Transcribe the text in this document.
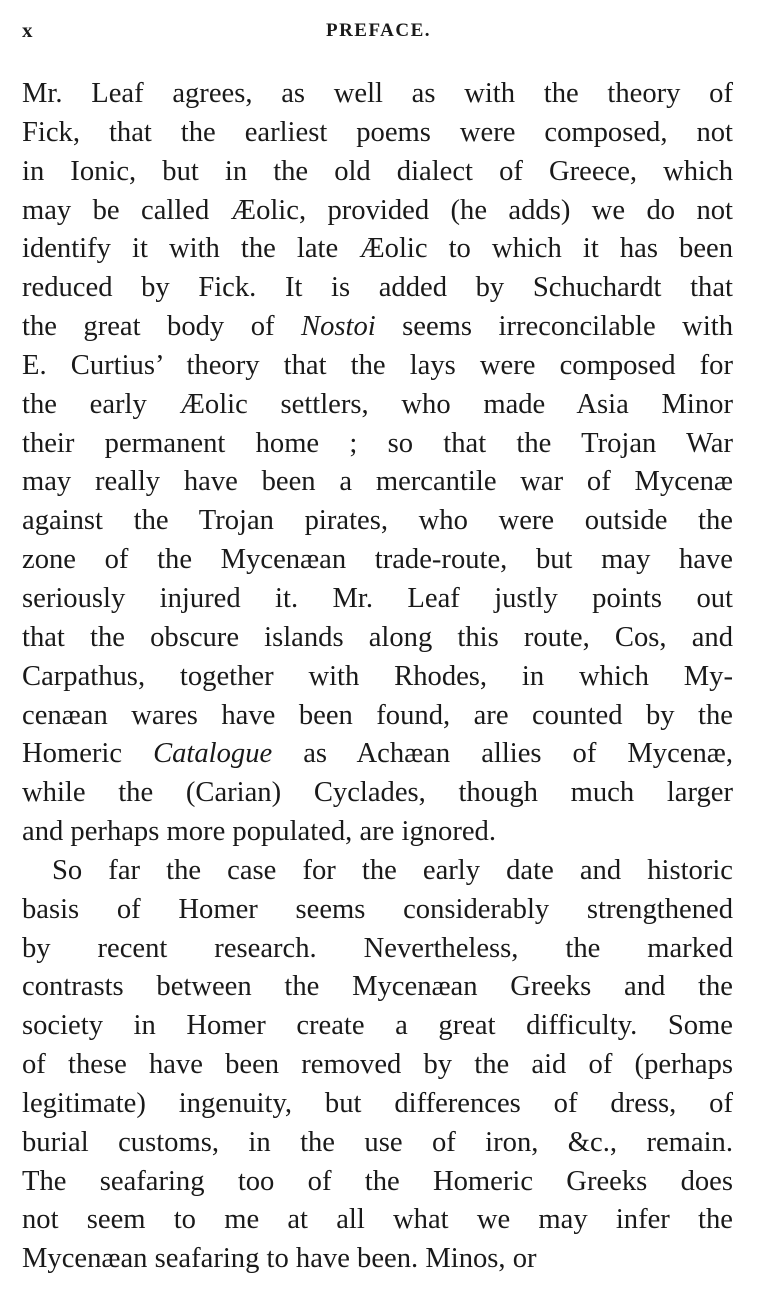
x	PREFACE.
Mr. Leaf agrees, as well as with the theory of
Fick, that the earliest poems were composed, not
in Ionic, but in the old dialect of Greece, which
may be called Æolic, provided (he adds) we do not
identify it with the late Æolic to which it has been
reduced by Fick. It is added by Schuchardt that
the great body of Nostoi seems irreconcilable with
E. Curtius’ theory that the lays were composed for
the early Æolic settlers, who made Asia Minor
their permanent home ; so that the Trojan War
may really have been a mercantile war of Mycenæ
against the Trojan pirates, who were outside the
zone of the Mycenæan trade-route, but may have
seriously injured it. Mr. Leaf justly points out
that the obscure islands along this route, Cos, and
Carpathus, together with Rhodes, in which My-
cenæan wares have been found, are counted by the
Homeric Catalogue as Achæan allies of Mycenæ,
while the (Carian) Cyclades, though much larger
and perhaps more populated, are ignored.
So far the case for the early date and historic
basis of Homer seems considerably strengthened
by recent research. Nevertheless, the marked
contrasts between the Mycenæan Greeks and the
society in Homer create a great difficulty. Some
of these have been removed by the aid of (perhaps
legitimate) ingenuity, but differences of dress, of
burial customs, in the use of iron, &c., remain.
The seafaring too of the Homeric Greeks does
not seem to me at all what we may infer the
Mycenæan seafaring to have been. Minos, or
